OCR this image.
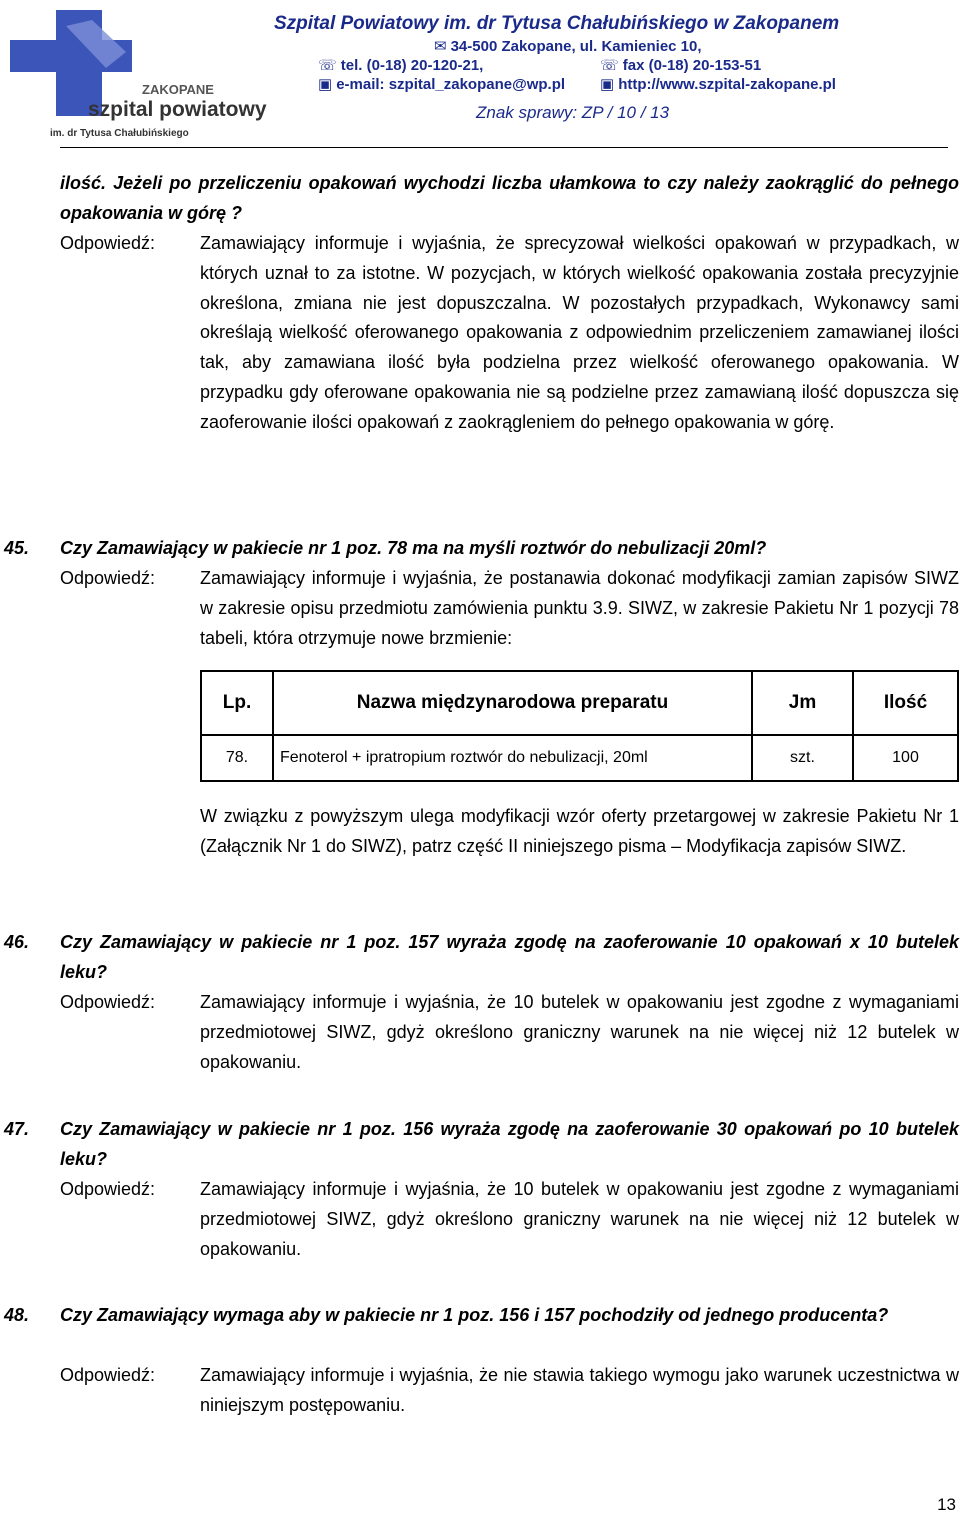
ZAKOPANE
szpital powiatowy
im. dr Tytusa Chałubińskiego
Szpital Powiatowy im. dr Tytusa Chałubińskiego w Zakopanem
✉ 34-500 Zakopane, ul. Kamieniec 10,
☏ tel. (0-18) 20-120-21,	☏ fax (0-18) 20-153-51
▣ e-mail: szpital_zakopane@wp.pl ▣ http://www.szpital-zakopane.pl
Znak sprawy: ZP / 10 / 13
ilość. Jeżeli po przeliczeniu opakowań wychodzi liczba ułamkowa to czy należy zaokrąglić do pełnego opakowania w górę ?
Odpowiedź: Zamawiający informuje i wyjaśnia, że sprecyzował wielkości opakowań w przypadkach, w których uznał to za istotne. W pozycjach, w których wielkość opakowania została precyzyjnie określona, zmiana nie jest dopuszczalna. W pozostałych przypadkach, Wykonawcy sami określają wielkość oferowanego opakowania z odpowiednim przeliczeniem zamawianej ilości tak, aby zamawiana ilość była podzielna przez wielkość oferowanego opakowania. W przypadku gdy oferowane opakowania nie są podzielne przez zamawianą ilość dopuszcza się zaoferowanie ilości opakowań z zaokrągleniem do pełnego opakowania w górę.
45. Czy Zamawiający w pakiecie nr 1 poz. 78 ma na myśli roztwór do nebulizacji 20ml?
Odpowiedź: Zamawiający informuje i wyjaśnia, że postanawia dokonać modyfikacji zamian zapisów SIWZ w zakresie opisu przedmiotu zamówienia punktu 3.9. SIWZ, w zakresie Pakietu Nr 1 pozycji 78 tabeli, która otrzymuje nowe brzmienie:
Lp.	Nazwa międzynarodowa preparatu	Jm	Ilość
78.	Fenoterol + ipratropium roztwór do nebulizacji, 20ml	szt.	100
W związku z powyższym ulega modyfikacji wzór oferty przetargowej w zakresie Pakietu Nr 1 (Załącznik Nr 1 do SIWZ), patrz część II niniejszego pisma – Modyfikacja zapisów SIWZ.
46. Czy Zamawiający w pakiecie nr 1 poz. 157 wyraża zgodę na zaoferowanie 10 opakowań x 10 butelek leku?
Odpowiedź: Zamawiający informuje i wyjaśnia, że 10 butelek w opakowaniu jest zgodne z wymaganiami przedmiotowej SIWZ, gdyż określono graniczny warunek na nie więcej niż 12 butelek w opakowaniu.
47. Czy Zamawiający w pakiecie nr 1 poz. 156 wyraża zgodę na zaoferowanie 30 opakowań po 10 butelek leku?
Odpowiedź: Zamawiający informuje i wyjaśnia, że 10 butelek w opakowaniu jest zgodne z wymaganiami przedmiotowej SIWZ, gdyż określono graniczny warunek na nie więcej niż 12 butelek w opakowaniu.
48. Czy Zamawiający wymaga aby w pakiecie nr 1 poz. 156 i 157 pochodziły od jednego producenta?
Odpowiedź: Zamawiający informuje i wyjaśnia, że nie stawia takiego wymogu jako warunek uczestnictwa w niniejszym postępowaniu.
13
